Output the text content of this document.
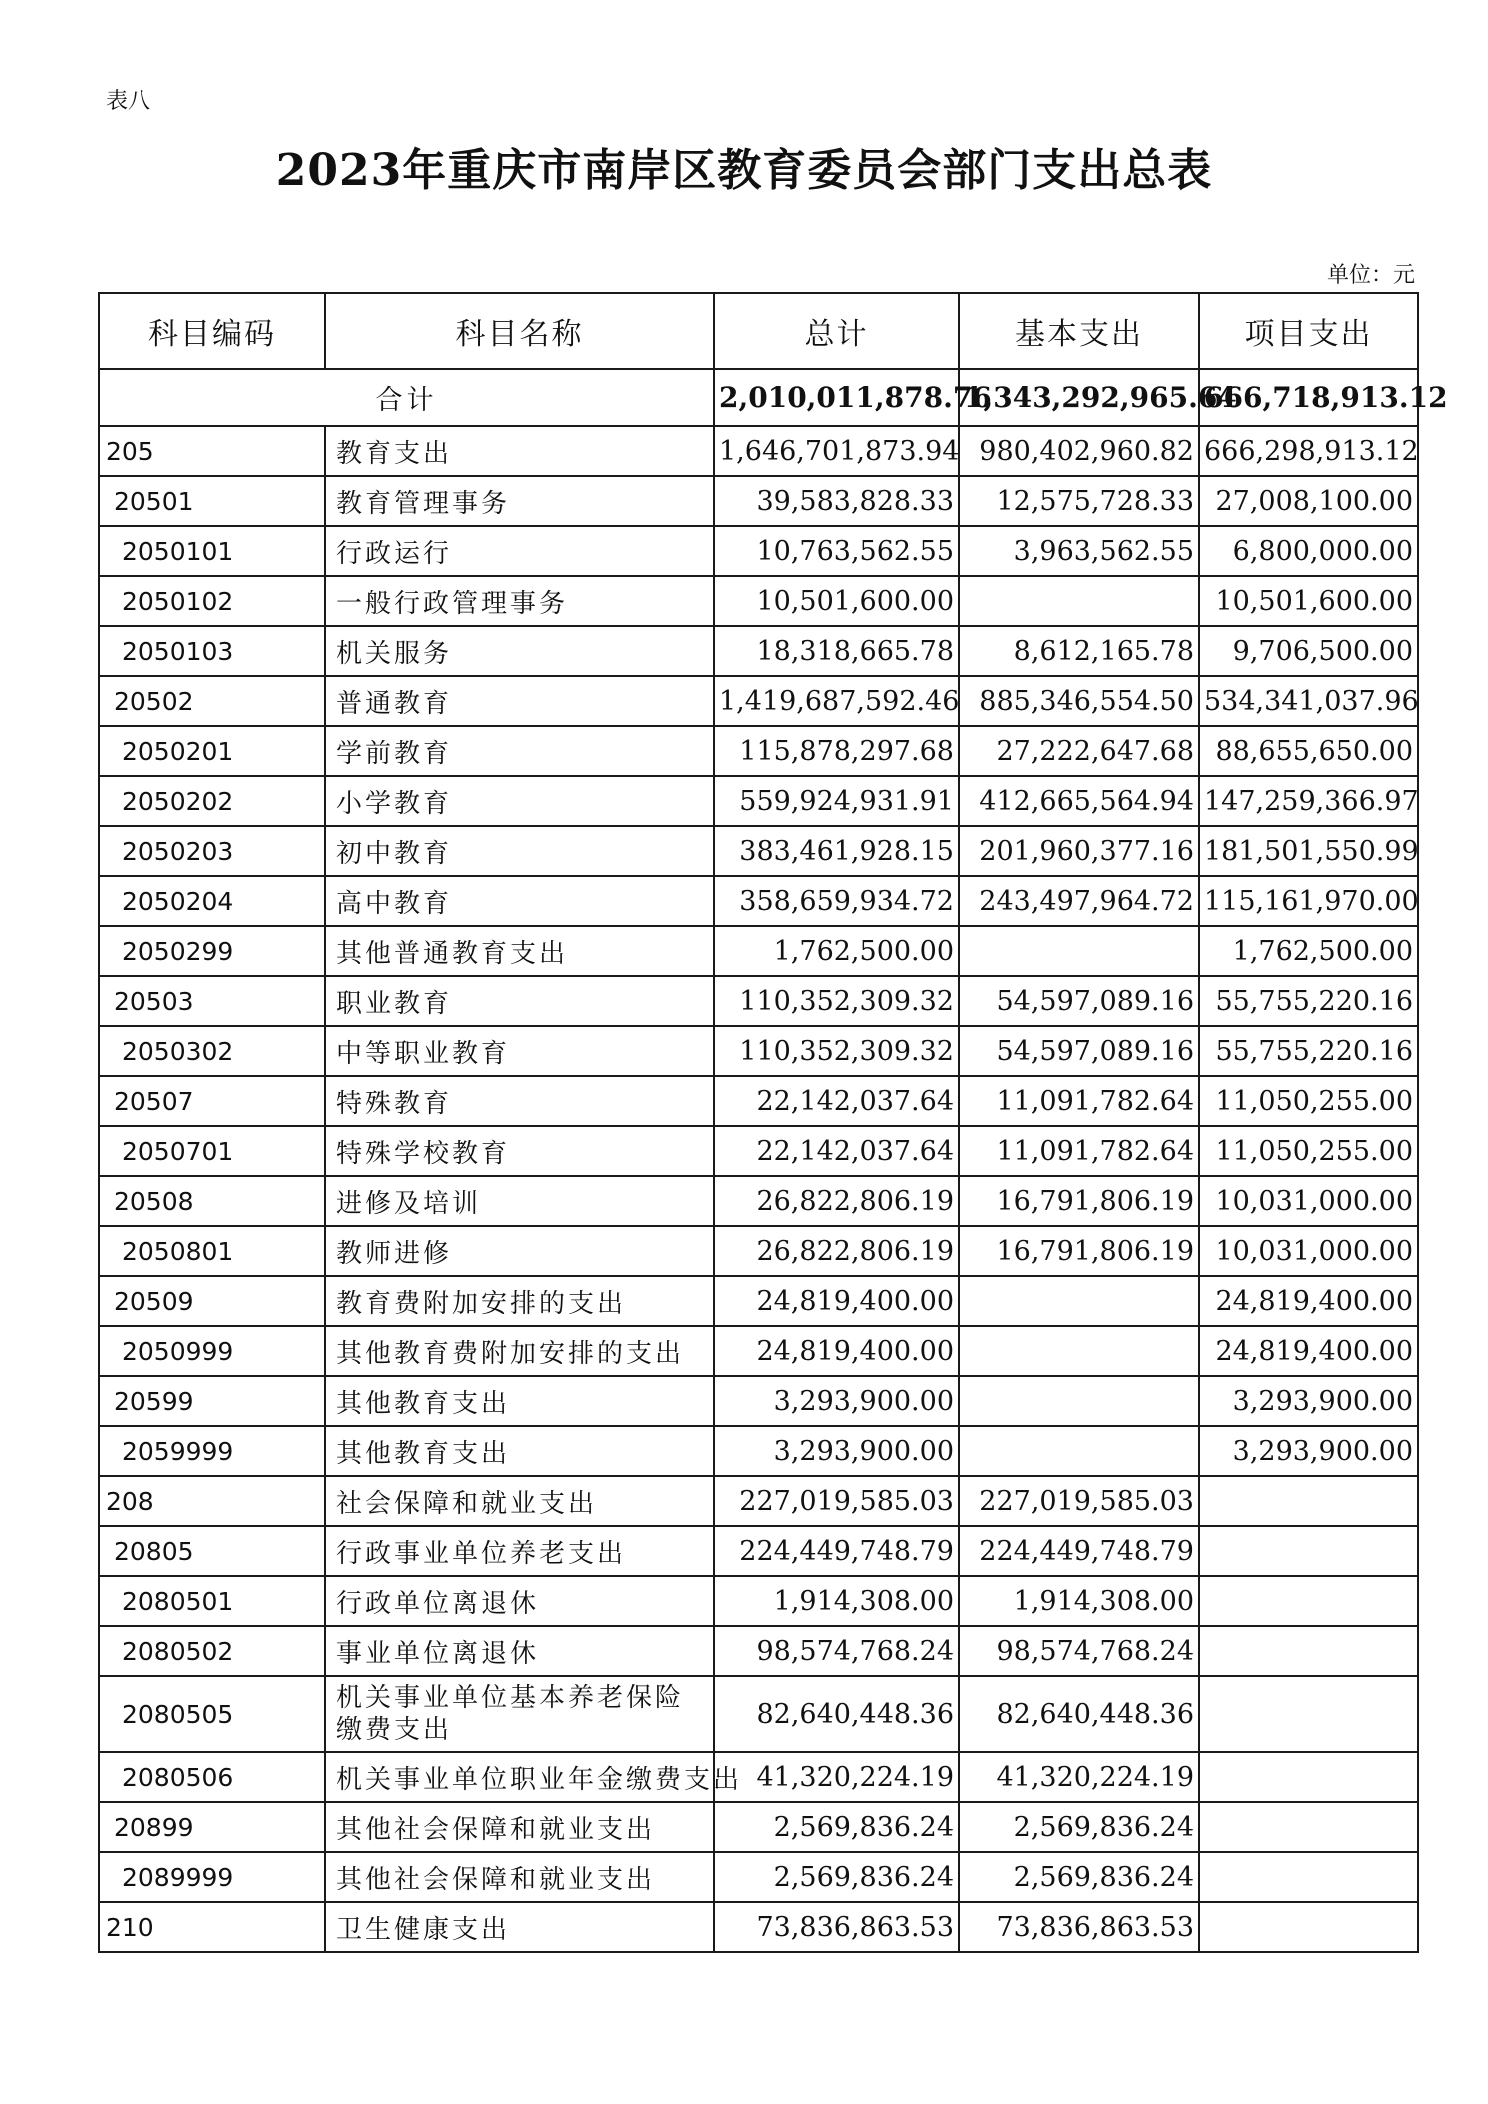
表八
2023年重庆市南岸区教育委员会部门支出总表
单位：元
科目编码	科目名称	总计	基本支出	项目支出
合计		2,010,011,878.76	1,343,292,965.64	666,718,913.12
205	教育支出	1,646,701,873.94	980,402,960.82	666,298,913.12
20501	教育管理事务	39,583,828.33	12,575,728.33	27,008,100.00
2050101	行政运行	10,763,562.55	3,963,562.55	6,800,000.00
2050102	一般行政管理事务	10,501,600.00		10,501,600.00
2050103	机关服务	18,318,665.78	8,612,165.78	9,706,500.00
20502	普通教育	1,419,687,592.46	885,346,554.50	534,341,037.96
2050201	学前教育	115,878,297.68	27,222,647.68	88,655,650.00
2050202	小学教育	559,924,931.91	412,665,564.94	147,259,366.97
2050203	初中教育	383,461,928.15	201,960,377.16	181,501,550.99
2050204	高中教育	358,659,934.72	243,497,964.72	115,161,970.00
2050299	其他普通教育支出	1,762,500.00		1,762,500.00
20503	职业教育	110,352,309.32	54,597,089.16	55,755,220.16
2050302	中等职业教育	110,352,309.32	54,597,089.16	55,755,220.16
20507	特殊教育	22,142,037.64	11,091,782.64	11,050,255.00
2050701	特殊学校教育	22,142,037.64	11,091,782.64	11,050,255.00
20508	进修及培训	26,822,806.19	16,791,806.19	10,031,000.00
2050801	教师进修	26,822,806.19	16,791,806.19	10,031,000.00
20509	教育费附加安排的支出	24,819,400.00		24,819,400.00
2050999	其他教育费附加安排的支出	24,819,400.00		24,819,400.00
20599	其他教育支出	3,293,900.00		3,293,900.00
2059999	其他教育支出	3,293,900.00		3,293,900.00
208	社会保障和就业支出	227,019,585.03	227,019,585.03	
20805	行政事业单位养老支出	224,449,748.79	224,449,748.79	
2080501	行政单位离退休	1,914,308.00	1,914,308.00	
2080502	事业单位离退休	98,574,768.24	98,574,768.24	
2080505	机关事业单位基本养老保险缴费支出	82,640,448.36	82,640,448.36	
2080506	机关事业单位职业年金缴费支出	41,320,224.19	41,320,224.19	
20899	其他社会保障和就业支出	2,569,836.24	2,569,836.24	
2089999	其他社会保障和就业支出	2,569,836.24	2,569,836.24	
210	卫生健康支出	73,836,863.53	73,836,863.53	
